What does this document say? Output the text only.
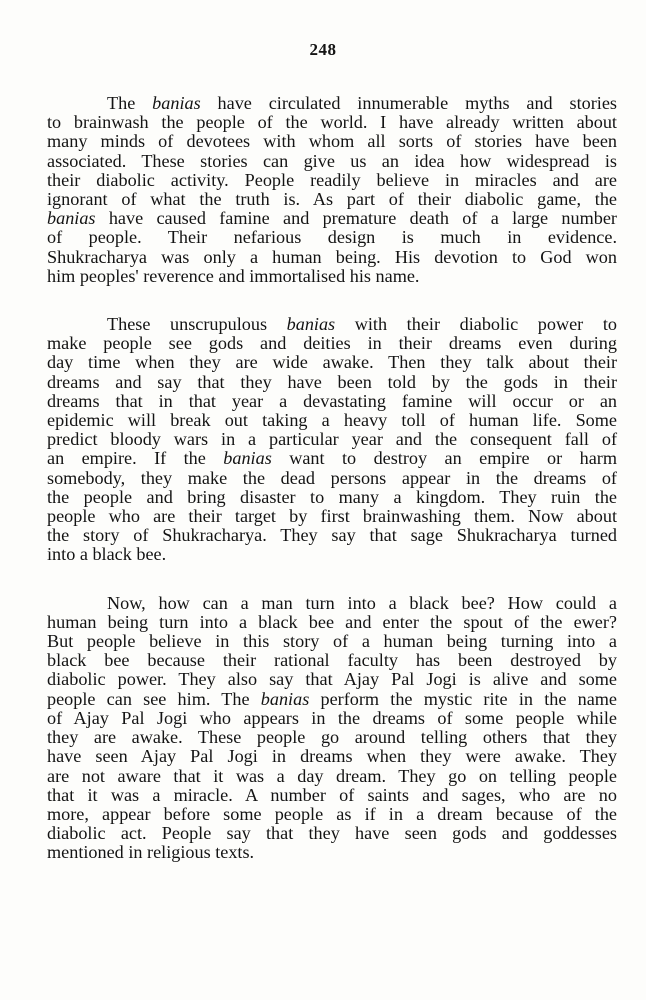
248

The banias have circulated innumerable myths and stories
to brainwash the people of the world. I have already written about
many minds of devotees with whom all sorts of stories have been
associated. These stories can give us an idea how widespread is
their diabolic activity. People readily believe in miracles and are
ignorant of what the truth is. As part of their diabolic game, the
banias have caused famine and premature death of a large number
of people. Their nefarious design is much in evidence.
Shukracharya was only a human being. His devotion to God won
him peoples' reverence and immortalised his name.

These unscrupulous banias with their diabolic power to
make people see gods and deities in their dreams even during
day time when they are wide awake. Then they talk about their
dreams and say that they have been told by the gods in their
dreams that in that year a devastating famine will occur or an
epidemic will break out taking a heavy toll of human life. Some
predict bloody wars in a particular year and the consequent fall of
an empire. If the banias want to destroy an empire or harm
somebody, they make the dead persons appear in the dreams of
the people and bring disaster to many a kingdom. They ruin the
people who are their target by first brainwashing them. Now about
the story of Shukracharya. They say that sage Shukracharya turned
into a black bee.

Now, how can a man turn into a black bee? How could a
human being turn into a black bee and enter the spout of the ewer?
But people believe in this story of a human being turning into a
black bee because their rational faculty has been destroyed by
diabolic power. They also say that Ajay Pal Jogi is alive and some
people can see him. The banias perform the mystic rite in the name
of Ajay Pal Jogi who appears in the dreams of some people while
they are awake. These people go around telling others that they
have seen Ajay Pal Jogi in dreams when they were awake. They
are not aware that it was a day dream. They go on telling people
that it was a miracle. A number of saints and sages, who are no
more, appear before some people as if in a dream because of the
diabolic act. People say that they have seen gods and goddesses
mentioned in religious texts.
